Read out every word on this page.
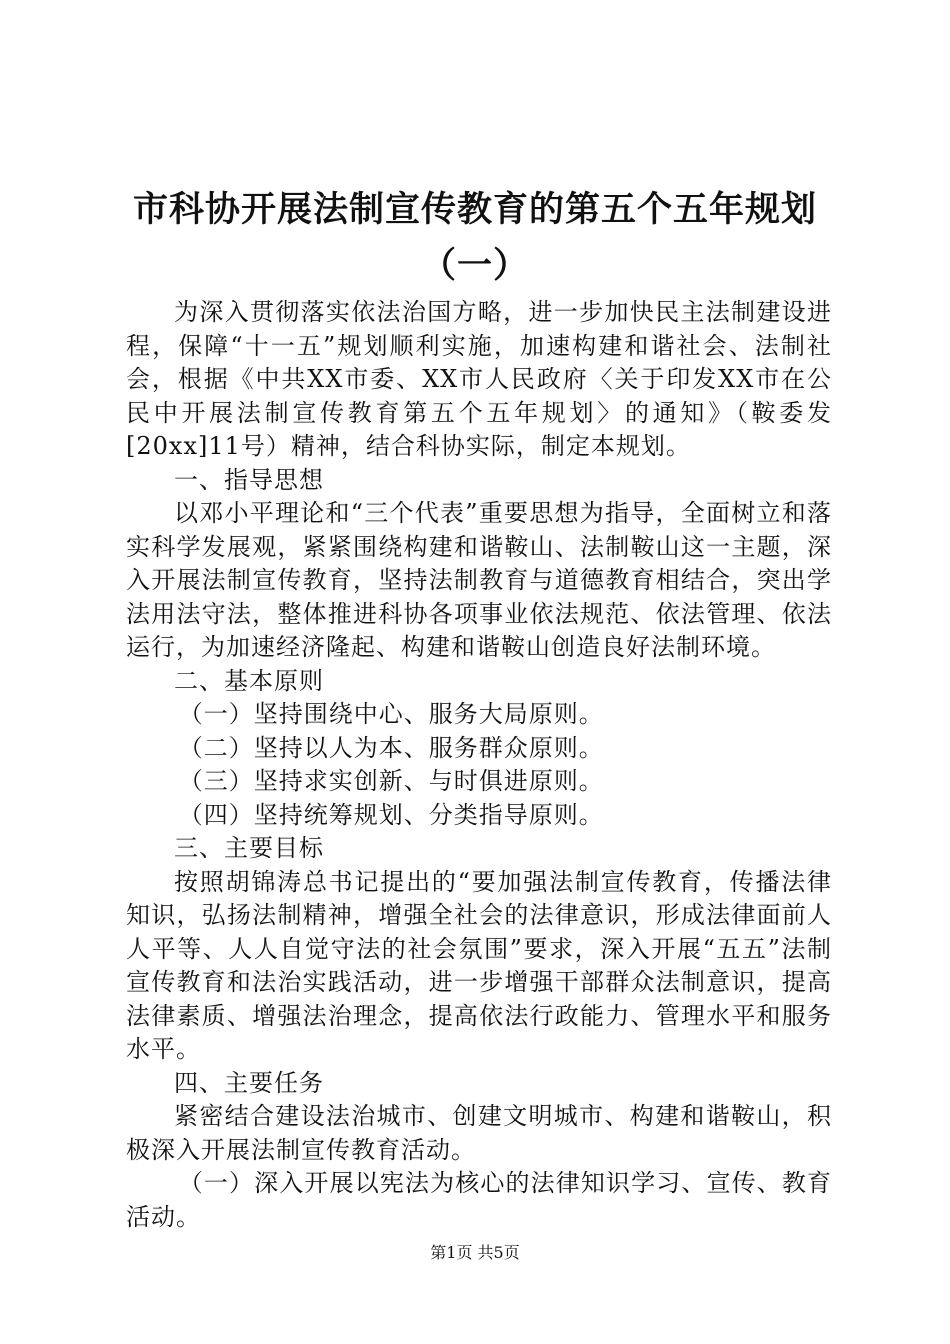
市科协开展法制宣传教育的第五个五年规划
（一）

为深入贯彻落实依法治国方略，进一步加快民主法制建设进程，保障“十一五”规划顺利实施，加速构建和谐社会、法制社会，根据《中共XX市委、XX市人民政府〈关于印发XX市在公民中开展法制宣传教育第五个五年规划〉的通知》（鞍委发[20xx]11号）精神，结合科协实际，制定本规划。

一、指导思想

以邓小平理论和“三个代表”重要思想为指导，全面树立和落实科学发展观，紧紧围绕构建和谐鞍山、法制鞍山这一主题，深入开展法制宣传教育，坚持法制教育与道德教育相结合，突出学法用法守法，整体推进科协各项事业依法规范、依法管理、依法运行，为加速经济隆起、构建和谐鞍山创造良好法制环境。

二、基本原则

（一）坚持围绕中心、服务大局原则。

（二）坚持以人为本、服务群众原则。

（三）坚持求实创新、与时俱进原则。

（四）坚持统筹规划、分类指导原则。

三、主要目标

按照胡锦涛总书记提出的“要加强法制宣传教育，传播法律知识，弘扬法制精神，增强全社会的法律意识，形成法律面前人人平等、人人自觉守法的社会氛围”要求，深入开展“五五”法制宣传教育和法治实践活动，进一步增强干部群众法制意识，提高法律素质、增强法治理念，提高依法行政能力、管理水平和服务水平。

四、主要任务

紧密结合建设法治城市、创建文明城市、构建和谐鞍山，积极深入开展法制宣传教育活动。

（一）深入开展以宪法为核心的法律知识学习、宣传、教育活动。

第1页 共5页
